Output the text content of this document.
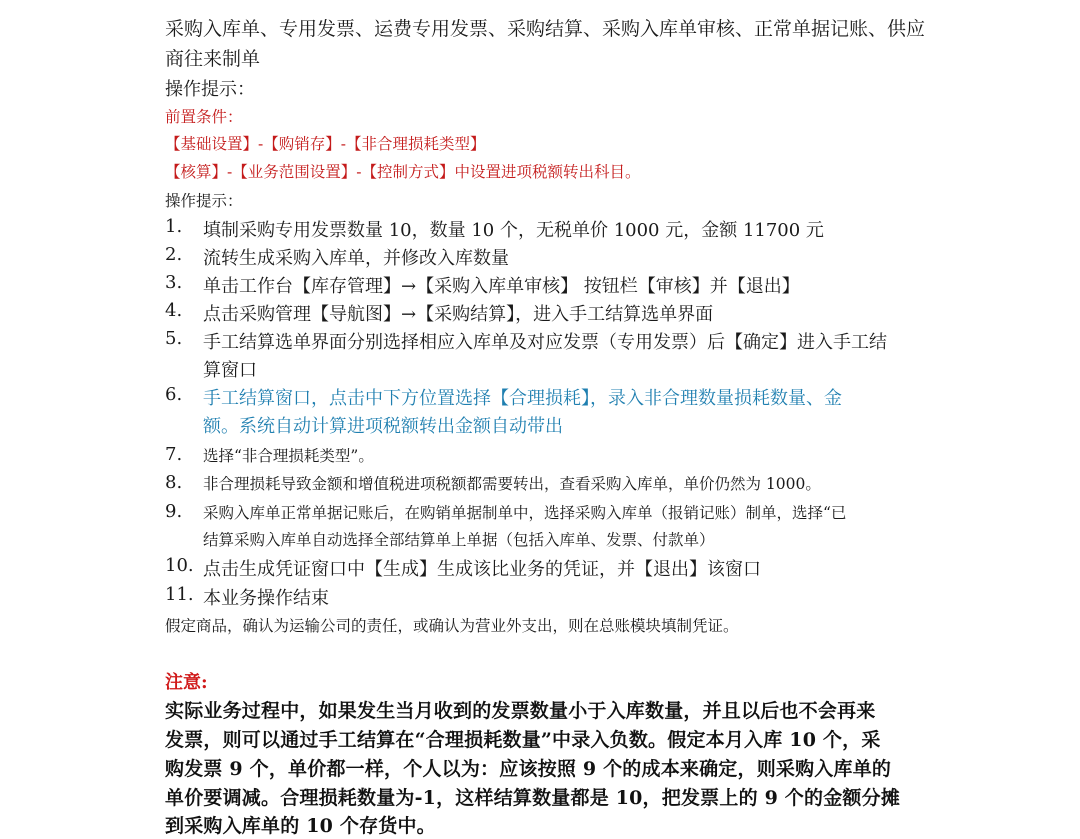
采购入库单、专用发票、运费专用发票、采购结算、采购入库单审核、正常单据记账、供应
商往来制单
操作提示：
前置条件：
【基础设置】-【购销存】-【非合理损耗类型】
【核算】-【业务范围设置】-【控制方式】中设置进项税额转出科目。
操作提示：
1.	填制采购专用发票数量 10，数量 10 个，无税单价 1000 元，金额 11700 元
2.	流转生成采购入库单，并修改入库数量
3.	单击工作台【库存管理】→【采购入库单审核】 按钮栏【审核】并【退出】
4.	点击采购管理【导航图】→【采购结算】，进入手工结算选单界面
5.	手工结算选单界面分别选择相应入库单及对应发票（专用发票）后【确定】进入手工结
算窗口
6.	手工结算窗口，点击中下方位置选择【合理损耗】，录入非合理数量损耗数量、金
额。系统自动计算进项税额转出金额自动带出
7.	选择“非合理损耗类型”。
8.	非合理损耗导致金额和增值税进项税额都需要转出，查看采购入库单，单价仍然为 1000。
9.	采购入库单正常单据记账后，在购销单据制单中，选择采购入库单（报销记账）制单，选择“已
结算采购入库单自动选择全部结算单上单据（包括入库单、发票、付款单）
10. 点击生成凭证窗口中【生成】生成该比业务的凭证，并【退出】该窗口
11. 本业务操作结束
假定商品，确认为运输公司的责任，或确认为营业外支出，则在总账模块填制凭证。
注意:
实际业务过程中，如果发生当月收到的发票数量小于入库数量，并且以后也不会再来
发票，则可以通过手工结算在“合理损耗数量”中录入负数。假定本月入库 10 个，采
购发票 9 个，单价都一样，个人以为：应该按照 9 个的成本来确定，则采购入库单的
单价要调减。合理损耗数量为-1，这样结算数量都是 10，把发票上的 9 个的金额分摊
到采购入库单的 10 个存货中。
